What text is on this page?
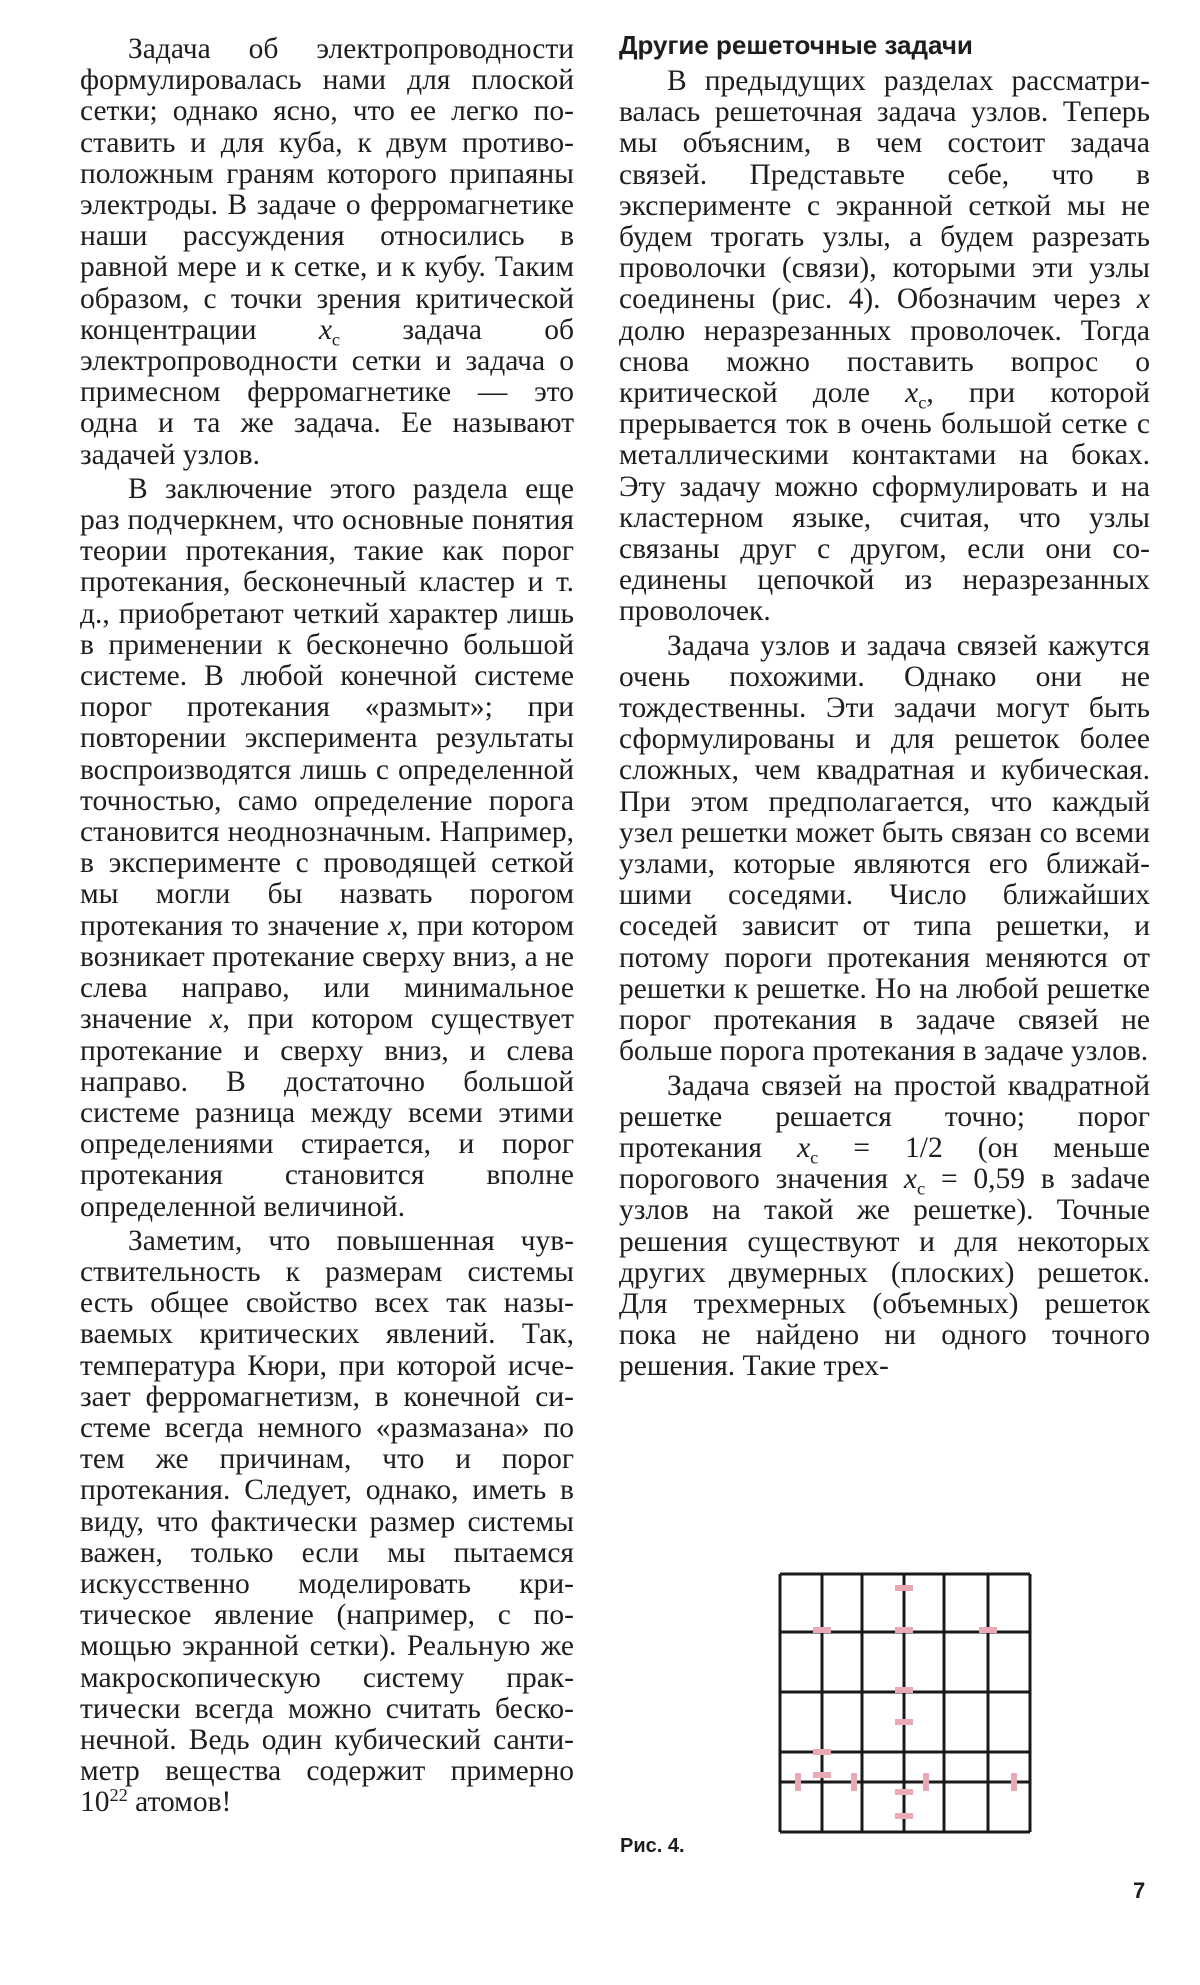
Задача об электропроводности формулировалась нами для плоской сетки; однако ясно, что ее легко поставить и для куба, к двум противоположным граням которого припаяны электроды. В задаче о ферромагнетике наши рассуждения относились в равной мере и к сетке, и к кубу. Таким образом, с точки зрения критической концентрации $x_c$ задача об электропроводности сетки и задача о примесном ферромагнетике — это одна и та же задача. Ее называют задачей узлов.

В заключение этого раздела еще раз подчеркнем, что основные понятия теории протекания, такие как порог протекания, бесконечный кластер и т. д., приобретают четкий характер лишь в применении к бесконечно большой системе. В любой конечной системе порог протекания «размыт»; при повторении эксперимента результаты воспроизводятся лишь с определенной точностью, само определение порога становится неоднозначным. Например, в эксперименте с проводящей сеткой мы могли бы назвать порогом протекания то значение x, при котором возникает протекание сверху вниз, а не слева направо, или минимальное значение x, при котором существует протекание и сверху вниз, и слева направо. В достаточно большой системе разница между всеми этими определениями стирается, и порог протекания становится вполне определенной величиной.

Заметим, что повышенная чувствительность к размерам системы есть общее свойство всех так называемых критических явлений. Так, температура Кюри, при которой исчезает ферромагнетизм, в конечной системе всегда немного «размазана» по тем же причинам, что и порог протекания. Следует, однако, иметь в виду, что фактически размер системы важен, только если мы пытаемся искусственно моделировать критическое явление (например, с помощью экранной сетки). Реальную же макроскопическую систему практически всегда можно считать бесконечной. Ведь один кубический сантиметр вещества содержит примерно $10^{22}$ атомов!

Другие решеточные задачи

В предыдущих разделах рассматривалась решеточная задача узлов. Теперь мы объясним, в чем состоит задача связей. Представьте себе, что в эксперименте с экранной сеткой мы не будем трогать узлы, а будем разрезать проволочки (связи), которыми эти узлы соединены (рис. 4). Обозначим через x долю неразрезанных проволочек. Тогда снова можно поставить вопрос о критической доле $x_c$, при которой прерывается ток в очень большой сетке с металлическими контактами на боках. Эту задачу можно сформулировать и на кластерном языке, считая, что узлы связаны друг с другом, если они соединены цепочкой из неразрезанных проволочек.

Задача узлов и задача связей кажутся очень похожими. Однако они не тождественны. Эти задачи могут быть сформулированы и для решеток более сложных, чем квадратная и кубическая. При этом предполагается, что каждый узел решетки может быть связан со всеми узлами, которые являются его ближайшими соседями. Число ближайших соседей зависит от типа решетки, и потому пороги протекания меняются от решетки к решетке. Но на любой решетке порог протекания в задаче связей не больше порога протекания в задаче узлов.

Задача связей на простой квадратной решетке решается точно; порог протекания $x_c = 1/2$ (он меньше порогового значения $x_c = 0,59$ в заdаче узлов на такой же решетке). Точные решения существуют и для некоторых других двумерных (плоских) решеток. Для трехмерных (объемных) решеток пока не найдено ни одного точного решения. Такие трех-

Рис. 4.
7
